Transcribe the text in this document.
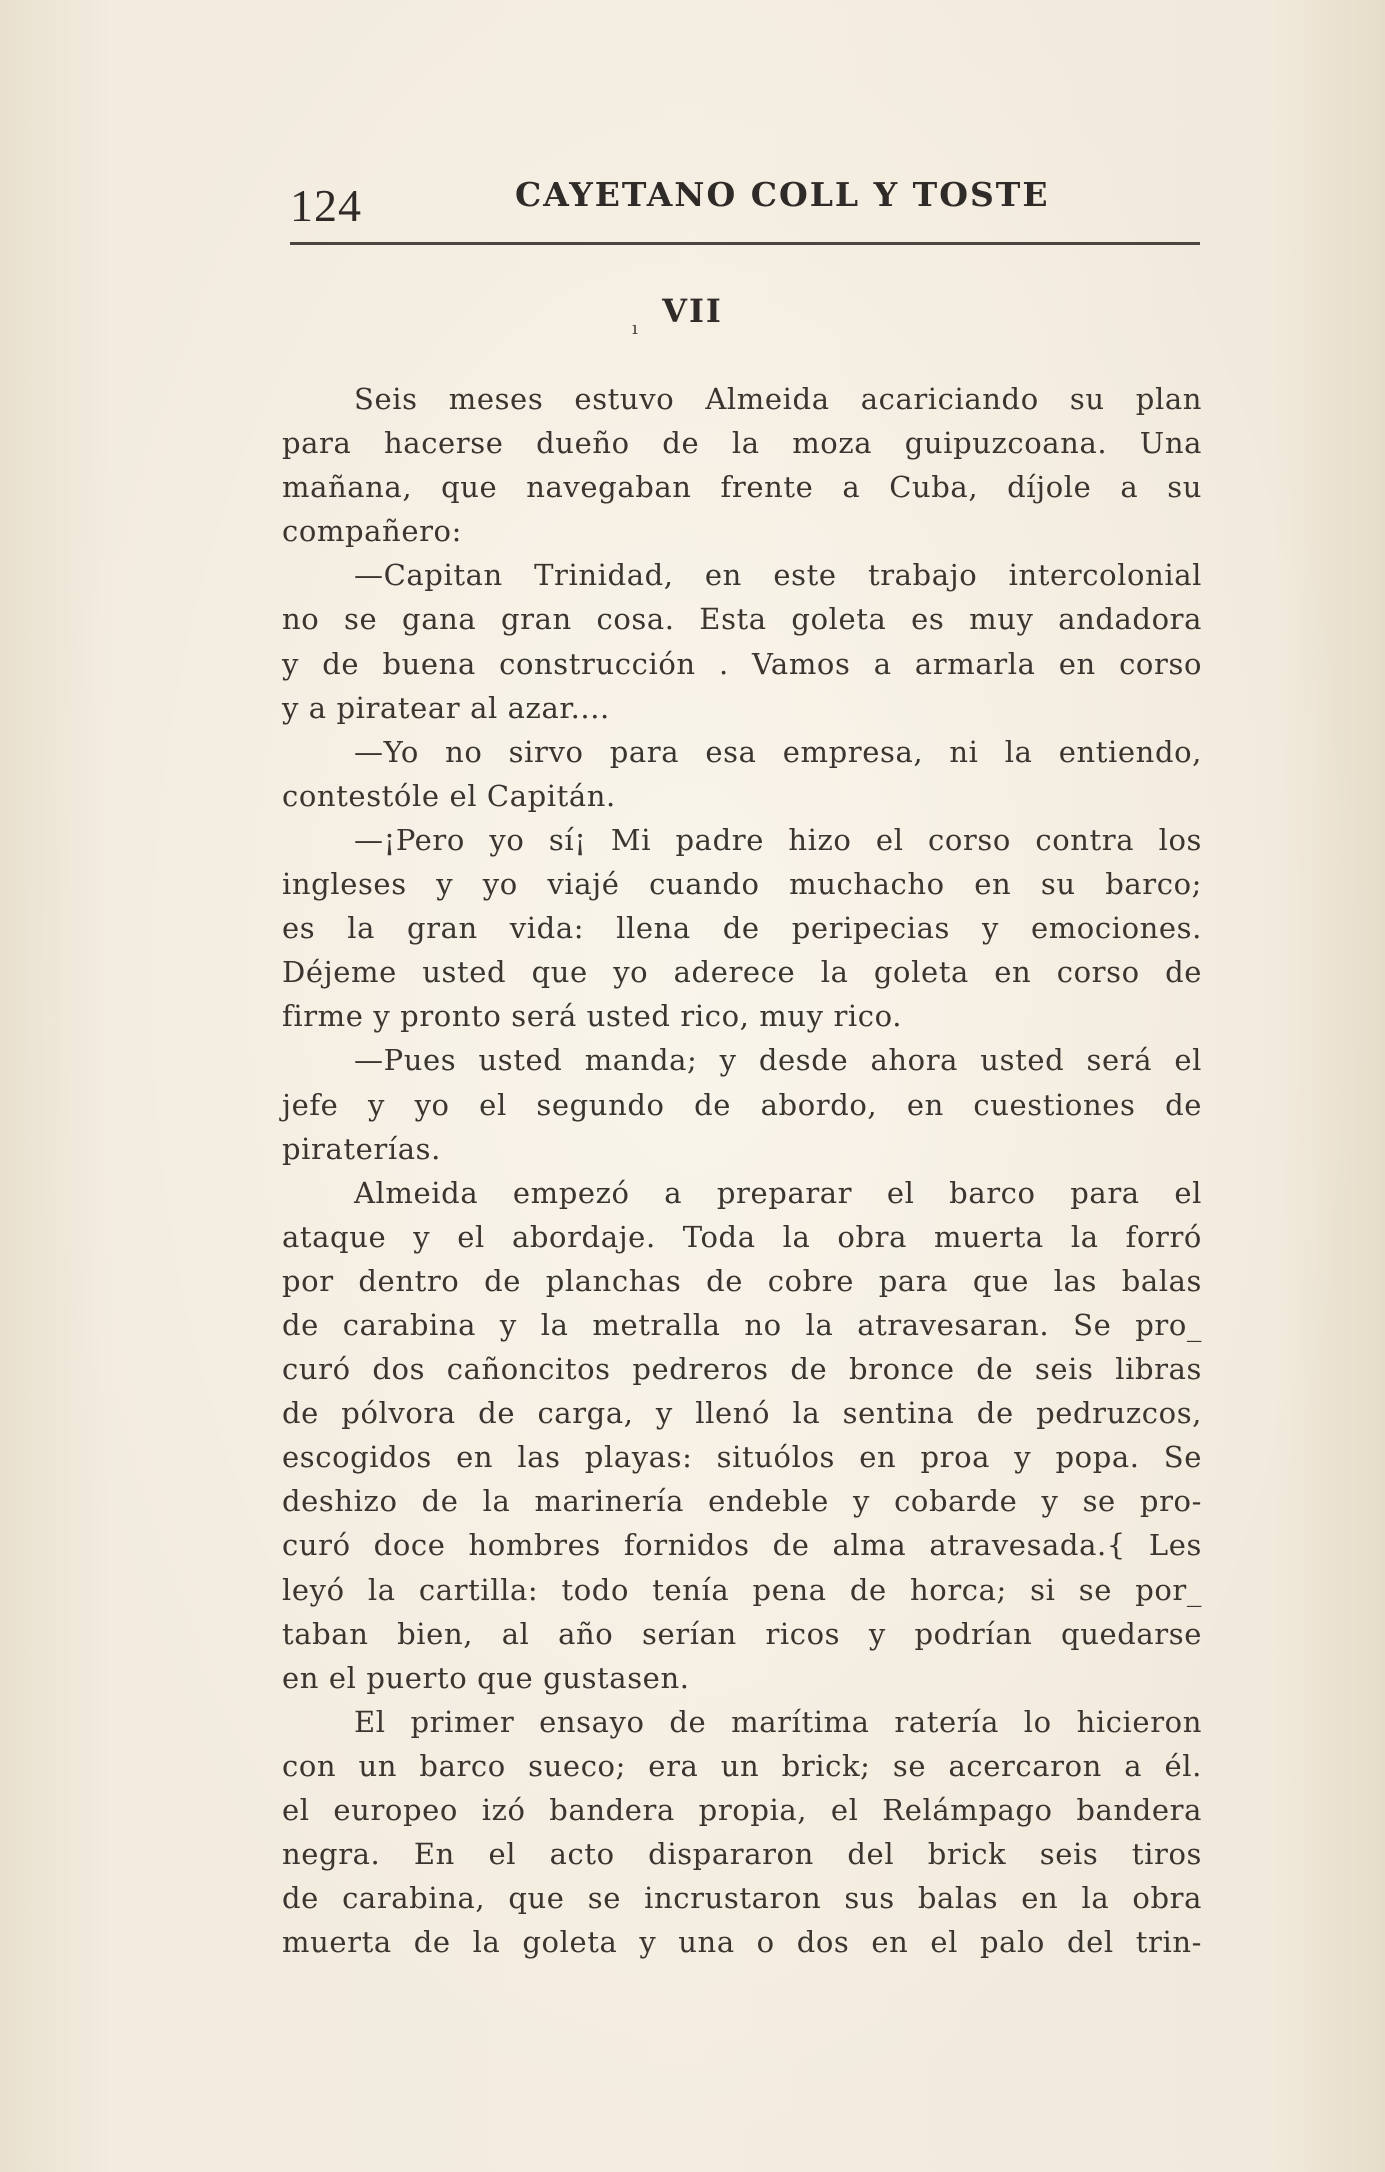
124	CAYETANO COLL Y TOSTE
VII
ı
Seis meses estuvo Almeida acariciando su plan
para hacerse dueño de la moza guipuzcoana. Una
mañana, que navegaban frente a Cuba, díjole a su
compañero:
—Capitan Trinidad, en este trabajo intercolonial
no se gana gran cosa. Esta goleta es muy andadora
y de buena construcción . Vamos a armarla en corso
y a piratear al azar....
—Yo no sirvo para esa empresa, ni la entiendo,
contestóle el Capitán.
—¡Pero yo sí¡ Mi padre hizo el corso contra los
ingleses y yo viajé cuando muchacho en su barco;
es la gran vida: llena de peripecias y emociones.
Déjeme usted que yo aderece la goleta en corso de
firme y pronto será usted rico, muy rico.
—Pues usted manda; y desde ahora usted será el
jefe y yo el segundo de abordo, en cuestiones de
piraterías.
Almeida empezó a preparar el barco para el
ataque y el abordaje. Toda la obra muerta la forró
por dentro de planchas de cobre para que las balas
de carabina y la metralla no la atravesaran. Se pro_
curó dos cañoncitos pedreros de bronce de seis libras
de pólvora de carga, y llenó la sentina de pedruzcos,
escogidos en las playas: situólos en proa y popa. Se
deshizo de la marinería endeble y cobarde y se pro-
curó doce hombres fornidos de alma atravesada.{ Les
leyó la cartilla: todo tenía pena de horca; si se por_
taban bien, al año serían ricos y podrían quedarse
en el puerto que gustasen.
El primer ensayo de marítima ratería lo hicieron
con un barco sueco; era un brick; se acercaron a él.
el europeo izó bandera propia, el Relámpago bandera
negra. En el acto dispararon del brick seis tiros
de carabina, que se incrustaron sus balas en la obra
muerta de la goleta y una o dos en el palo del trin-
